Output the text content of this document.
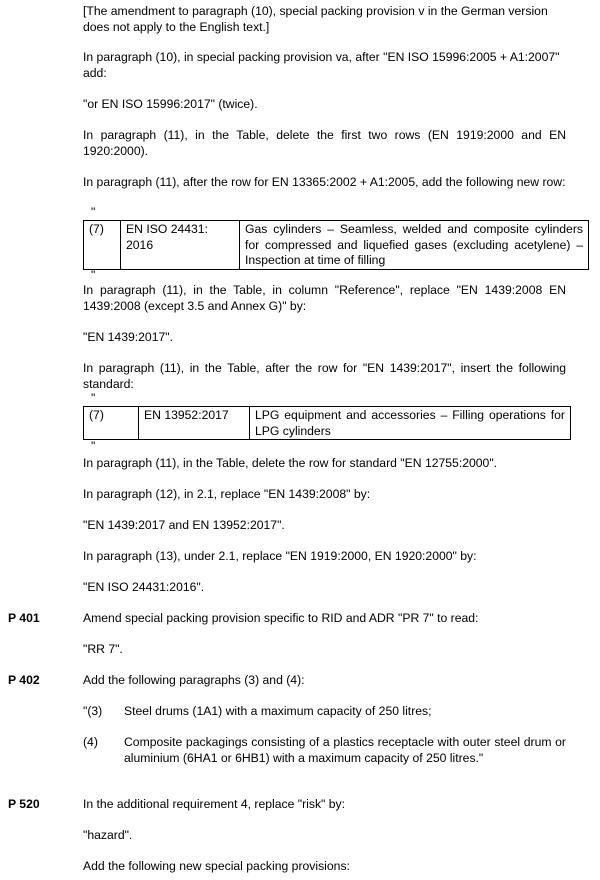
[The amendment to paragraph (10), special packing provision v in the German version does not apply to the English text.]

In paragraph (10), in special packing provision va, after "EN ISO 15996:2005 + A1:2007" add:

"or EN ISO 15996:2017" (twice).

In paragraph (11), in the Table, delete the first two rows (EN 1919:2000 and EN 1920:2000).

In paragraph (11), after the row for EN 13365:2002 + A1:2005, add the following new row:

"
(7)	EN ISO 24431: 2016	Gas cylinders – Seamless, welded and composite cylinders for compressed and liquefied gases (excluding acetylene) – Inspection at time of filling
"

In paragraph (11), in the Table, in column "Reference", replace "EN 1439:2008 EN 1439:2008 (except 3.5 and Annex G)" by:

"EN 1439:2017".

In paragraph (11), in the Table, after the row for "EN 1439:2017", insert the following standard:

"
(7)	EN 13952:2017	LPG equipment and accessories – Filling operations for LPG cylinders
"

In paragraph (11), in the Table, delete the row for standard "EN 12755:2000".

In paragraph (12), in 2.1, replace "EN 1439:2008" by:

"EN 1439:2017 and EN 13952:2017".

In paragraph (13), under 2.1, replace "EN 1919:2000, EN 1920:2000" by:

"EN ISO 24431:2016".

P 401	Amend special packing provision specific to RID and ADR "PR 7" to read:

"RR 7".

P 402	Add the following paragraphs (3) and (4):

"(3) Steel drums (1A1) with a maximum capacity of 250 litres;
(4) Composite packagings consisting of a plastics receptacle with outer steel drum or aluminium (6HA1 or 6HB1) with a maximum capacity of 250 litres."
P 520	In the additional requirement 4, replace "risk" by:

"hazard".

Add the following new special packing provisions:
